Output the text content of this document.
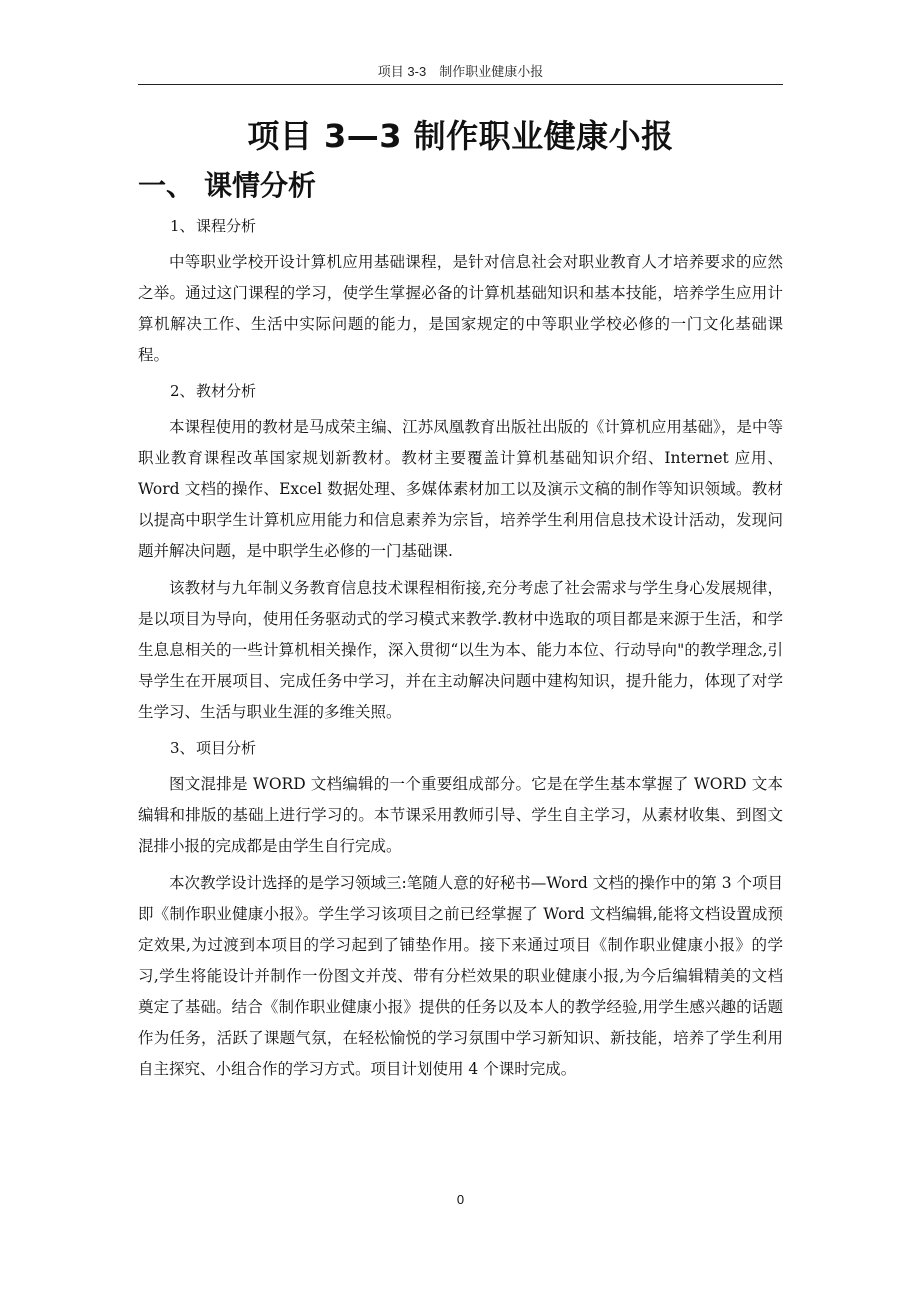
项目 3-3　制作职业健康小报
项目 3—3 制作职业健康小报
一、 课情分析
1、课程分析

中等职业学校开设计算机应用基础课程，是针对信息社会对职业教育人才培养要求的应然之举。通过这门课程的学习，使学生掌握必备的计算机基础知识和基本技能，培养学生应用计算机解决工作、生活中实际问题的能力，是国家规定的中等职业学校必修的一门文化基础课程。

2、教材分析

本课程使用的教材是马成荣主编、江苏凤凰教育出版社出版的《计算机应用基础》，是中等职业教育课程改革国家规划新教材。教材主要覆盖计算机基础知识介绍、Internet 应用、Word 文档的操作、Excel 数据处理、多媒体素材加工以及演示文稿的制作等知识领域。教材以提高中职学生计算机应用能力和信息素养为宗旨，培养学生利用信息技术设计活动，发现问题并解决问题，是中职学生必修的一门基础课.

该教材与九年制义务教育信息技术课程相衔接,充分考虑了社会需求与学生身心发展规律，是以项目为导向，使用任务驱动式的学习模式来教学.教材中选取的项目都是来源于生活，和学生息息相关的一些计算机相关操作，深入贯彻“以生为本、能力本位、行动导向"的教学理念,引导学生在开展项目、完成任务中学习，并在主动解决问题中建构知识，提升能力，体现了对学生学习、生活与职业生涯的多维关照。

3、项目分析

图文混排是 WORD 文档编辑的一个重要组成部分。它是在学生基本掌握了 WORD 文本编辑和排版的基础上进行学习的。本节课采用教师引导、学生自主学习，从素材收集、到图文混排小报的完成都是由学生自行完成。

本次教学设计选择的是学习领域三:笔随人意的好秘书—Word 文档的操作中的第 3 个项目即《制作职业健康小报》。学生学习该项目之前已经掌握了 Word 文档编辑,能将文档设置成预定效果,为过渡到本项目的学习起到了铺垫作用。接下来通过项目《制作职业健康小报》的学习,学生将能设计并制作一份图文并茂、带有分栏效果的职业健康小报,为今后编辑精美的文档奠定了基础。结合《制作职业健康小报》提供的任务以及本人的教学经验,用学生感兴趣的话题作为任务，活跃了课题气氛，在轻松愉悦的学习氛围中学习新知识、新技能，培养了学生利用自主探究、小组合作的学习方式。项目计划使用 4 个课时完成。

0
